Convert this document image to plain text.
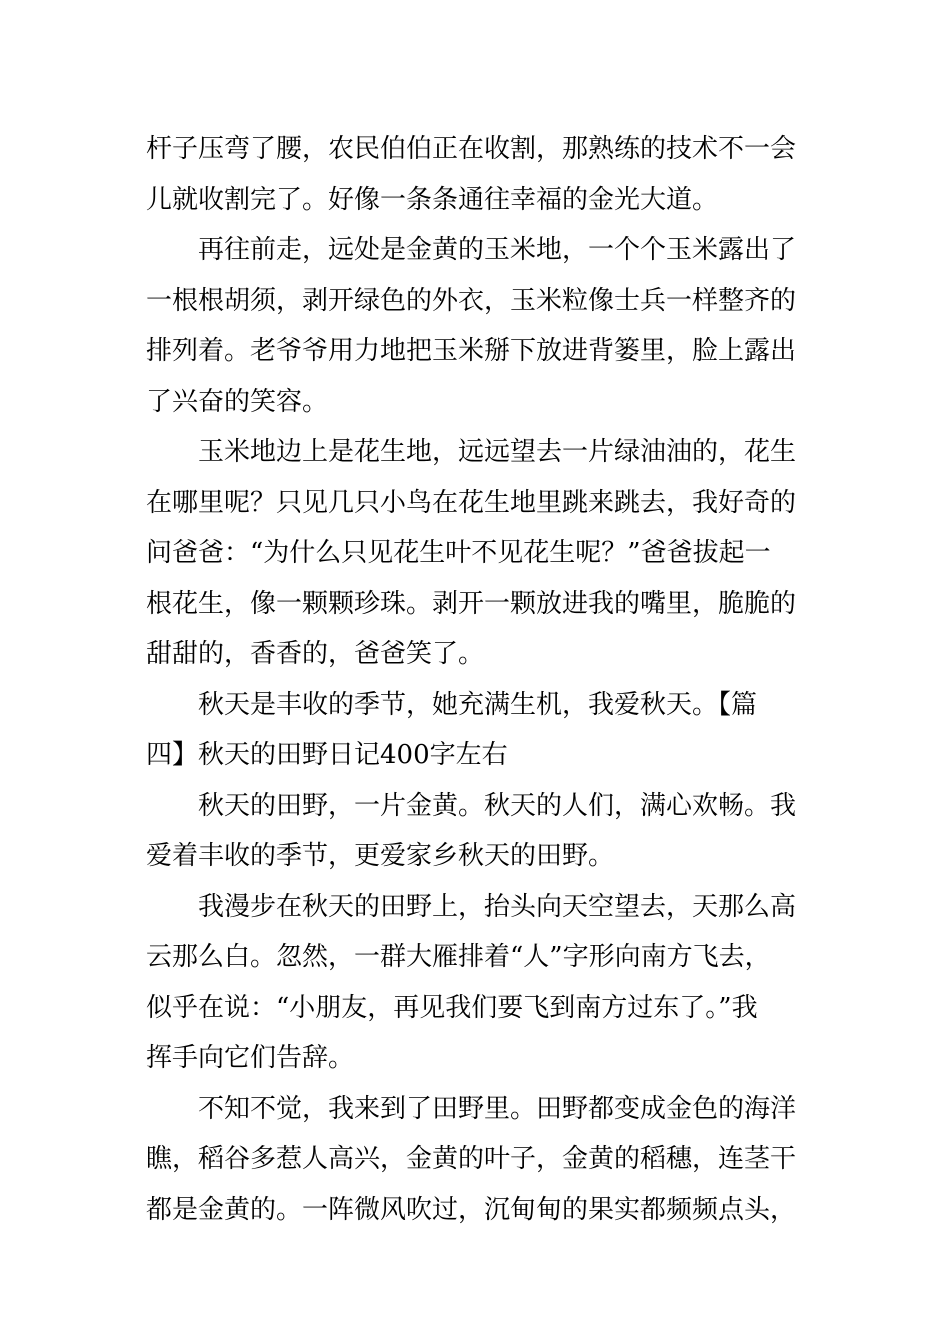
杆子压弯了腰，农民伯伯正在收割，那熟练的技术不一会
儿就收割完了。好像一条条通往幸福的金光大道。
再往前走，远处是金黄的玉米地，一个个玉米露出了
一根根胡须，剥开绿色的外衣，玉米粒像士兵一样整齐的
排列着。老爷爷用力地把玉米掰下放进背篓里，脸上露出
了兴奋的笑容。
玉米地边上是花生地，远远望去一片绿油油的，花生
在哪里呢？只见几只小鸟在花生地里跳来跳去，我好奇的
问爸爸：“为什么只见花生叶不见花生呢？”爸爸拔起一
根花生，像一颗颗珍珠。剥开一颗放进我的嘴里，脆脆的
甜甜的，香香的，爸爸笑了。
秋天是丰收的季节，她充满生机，我爱秋天。【篇
四】秋天的田野日记400字左右
秋天的田野，一片金黄。秋天的人们，满心欢畅。我
爱着丰收的季节，更爱家乡秋天的田野。
我漫步在秋天的田野上，抬头向天空望去，天那么高
云那么白。忽然，一群大雁排着“人”字形向南方飞去，
似乎在说：“小朋友，再见我们要飞到南方过东了。”我
挥手向它们告辞。
不知不觉，我来到了田野里。田野都变成金色的海洋
瞧，稻谷多惹人高兴，金黄的叶子，金黄的稻穗，连茎干
都是金黄的。一阵微风吹过，沉甸甸的果实都频频点头，
